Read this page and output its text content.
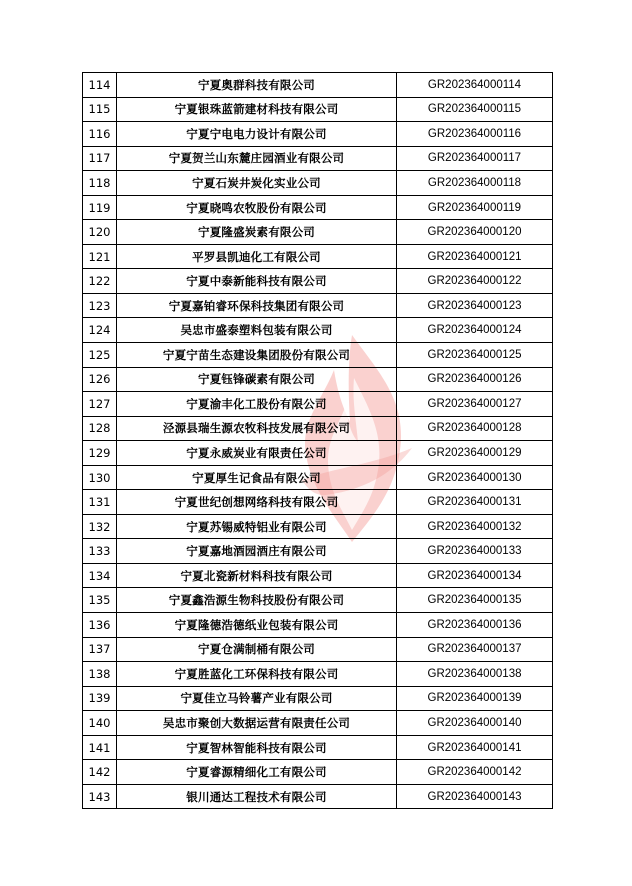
114	宁夏奥群科技有限公司	GR202364000114
115	宁夏银珠蓝箭建材科技有限公司	GR202364000115
116	宁夏宁电电力设计有限公司	GR202364000116
117	宁夏贺兰山东麓庄园酒业有限公司	GR202364000117
118	宁夏石炭井炭化实业公司	GR202364000118
119	宁夏晓鸣农牧股份有限公司	GR202364000119
120	宁夏隆盛炭素有限公司	GR202364000120
121	平罗县凯迪化工有限公司	GR202364000121
122	宁夏中泰新能科技有限公司	GR202364000122
123	宁夏嘉铂睿环保科技集团有限公司	GR202364000123
124	吴忠市盛泰塑料包装有限公司	GR202364000124
125	宁夏宁苗生态建设集团股份有限公司	GR202364000125
126	宁夏钰锋碳素有限公司	GR202364000126
127	宁夏渝丰化工股份有限公司	GR202364000127
128	泾源县瑞生源农牧科技发展有限公司	GR202364000128
129	宁夏永威炭业有限责任公司	GR202364000129
130	宁夏厚生记食品有限公司	GR202364000130
131	宁夏世纪创想网络科技有限公司	GR202364000131
132	宁夏苏锡威特铝业有限公司	GR202364000132
133	宁夏嘉地酒园酒庄有限公司	GR202364000133
134	宁夏北瓷新材料科技有限公司	GR202364000134
135	宁夏鑫浩源生物科技股份有限公司	GR202364000135
136	宁夏隆德浩德纸业包装有限公司	GR202364000136
137	宁夏仓满制桶有限公司	GR202364000137
138	宁夏胜蓝化工环保科技有限公司	GR202364000138
139	宁夏佳立马铃薯产业有限公司	GR202364000139
140	吴忠市聚创大数据运营有限责任公司	GR202364000140
141	宁夏智林智能科技有限公司	GR202364000141
142	宁夏睿源精细化工有限公司	GR202364000142
143	银川通达工程技术有限公司	GR202364000143
